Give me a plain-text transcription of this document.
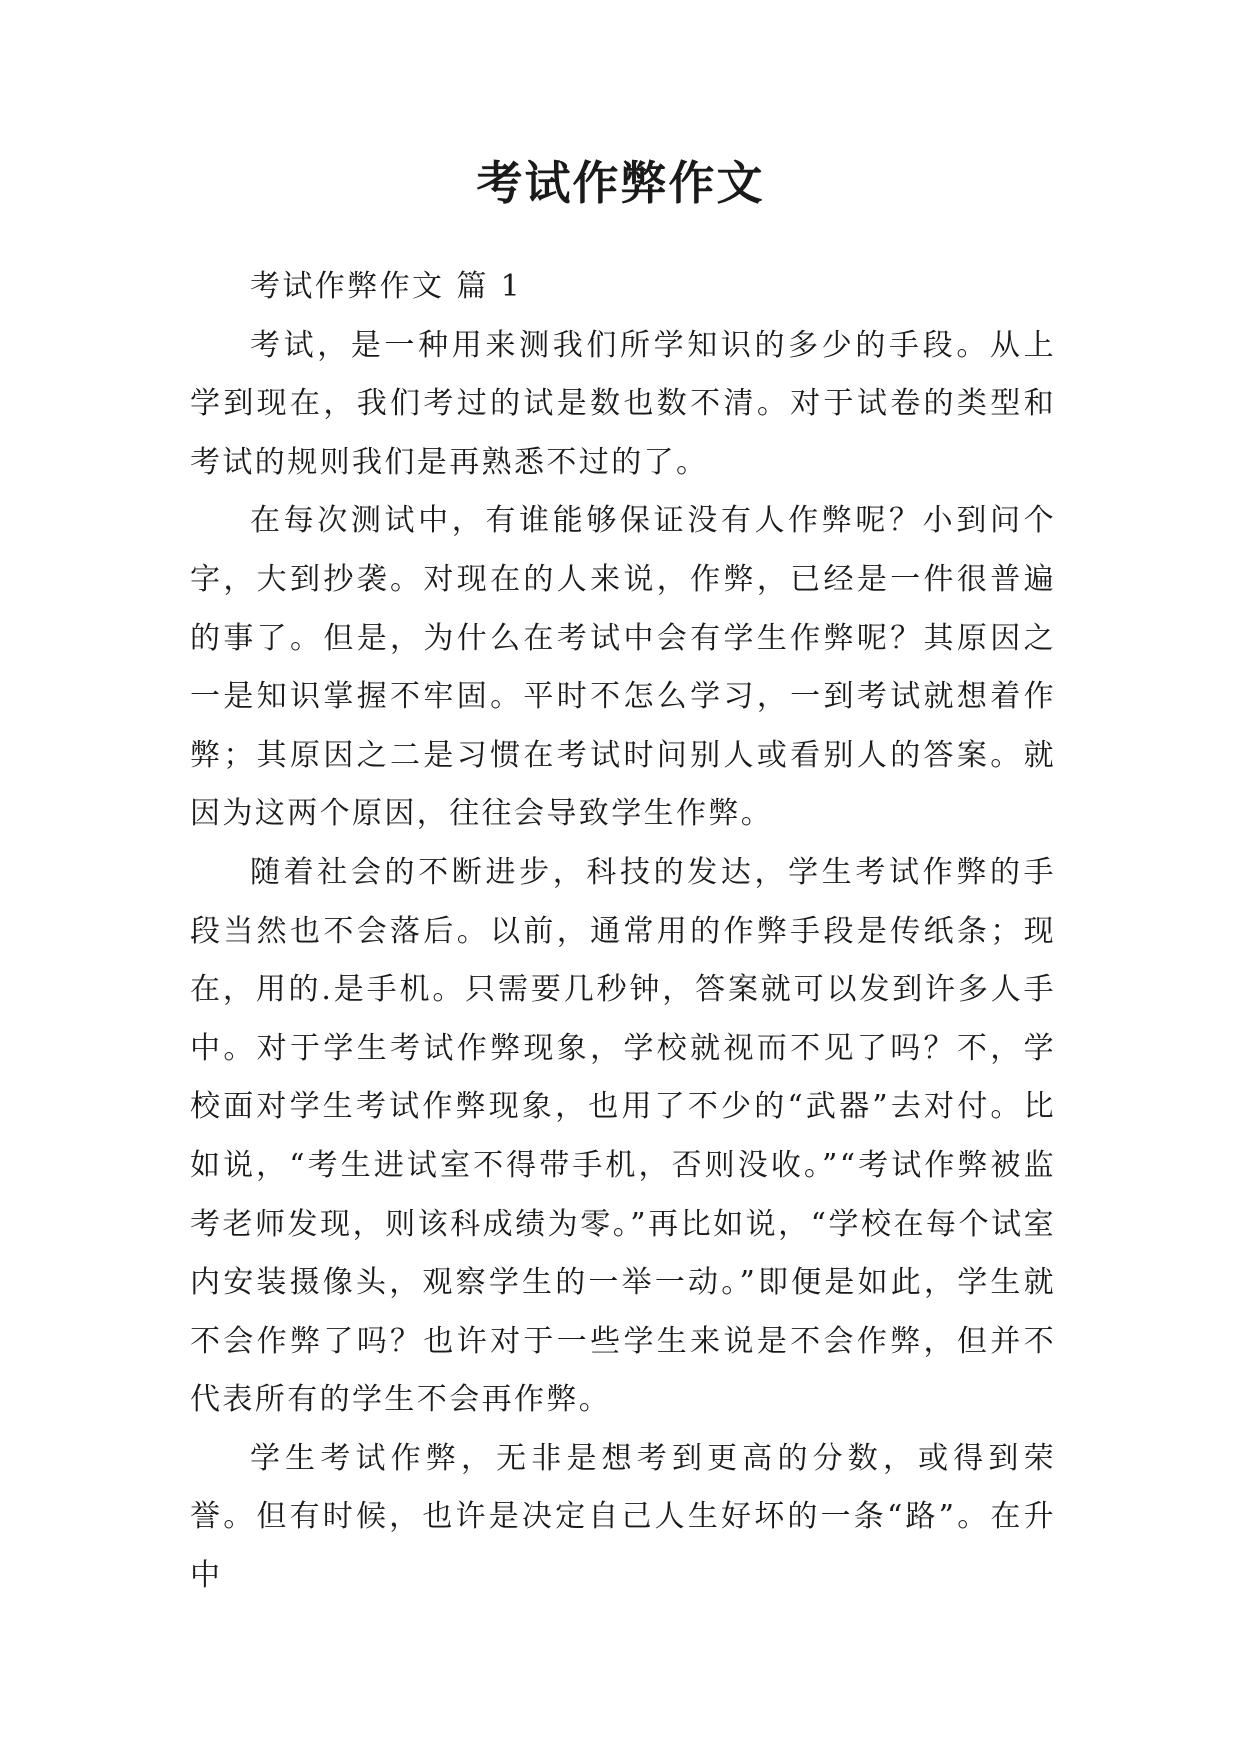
考试作弊作文

考试作弊作文 篇 1

考试，是一种用来测我们所学知识的多少的手段。从上学到现在，我们考过的试是数也数不清。对于试卷的类型和考试的规则我们是再熟悉不过的了。

在每次测试中，有谁能够保证没有人作弊呢？小到问个字，大到抄袭。对现在的人来说，作弊，已经是一件很普遍的事了。但是，为什么在考试中会有学生作弊呢？其原因之一是知识掌握不牢固。平时不怎么学习，一到考试就想着作弊；其原因之二是习惯在考试时问别人或看别人的答案。就因为这两个原因，往往会导致学生作弊。

随着社会的不断进步，科技的发达，学生考试作弊的手段当然也不会落后。以前，通常用的作弊手段是传纸条；现在，用的.是手机。只需要几秒钟，答案就可以发到许多人手中。对于学生考试作弊现象，学校就视而不见了吗？不，学校面对学生考试作弊现象，也用了不少的“武器”去对付。比如说，“考生进试室不得带手机，否则没收。”“考试作弊被监考老师发现，则该科成绩为零。”再比如说，“学校在每个试室内安装摄像头，观察学生的一举一动。”即便是如此，学生就不会作弊了吗？也许对于一些学生来说是不会作弊，但并不代表所有的学生不会再作弊。

学生考试作弊，无非是想考到更高的分数，或得到荣誉。但有时候，也许是决定自己人生好坏的一条“路”。在升中
